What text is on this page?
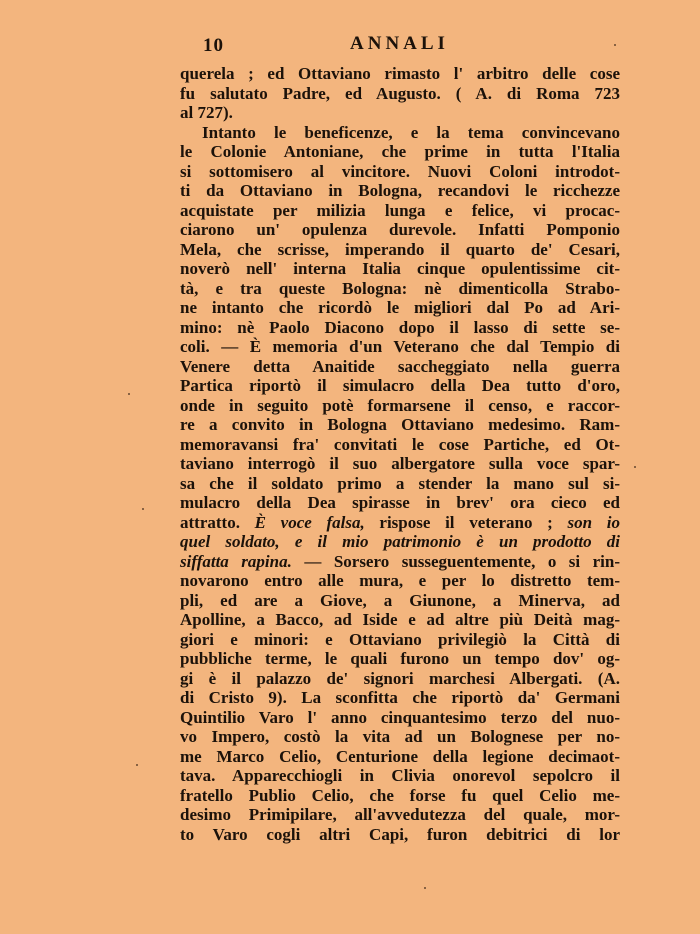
10	ANNALI
querela ; ed Ottaviano rimasto l' arbitro delle cose
fu salutato Padre, ed Augusto. ( A. di Roma 723
al 727).
Intanto le beneficenze, e la tema convincevano
le Colonie Antoniane, che prime in tutta l'Italia
si sottomisero al vincitore. Nuovi Coloni introdot-
ti da Ottaviano in Bologna, recandovi le ricchezze
acquistate per milizia lunga e felice, vi procac-
ciarono un' opulenza durevole. Infatti Pomponio
Mela, che scrisse, imperando il quarto de' Cesari,
noverò nell' interna Italia cinque opulentissime cit-
tà, e tra queste Bologna: nè dimenticolla Strabo-
ne intanto che ricordò le migliori dal Po ad Ari-
mino: nè Paolo Diacono dopo il lasso di sette se-
coli. — È memoria d'un Veterano che dal Tempio di
Venere detta Anaitide saccheggiato nella guerra
Partica riportò il simulacro della Dea tutto d'oro,
onde in seguito potè formarsene il censo, e raccor-
re a convito in Bologna Ottaviano medesimo. Ram-
memoravansi fra' convitati le cose Partiche, ed Ot-
taviano interrogò il suo albergatore sulla voce spar-
sa che il soldato primo a stender la mano sul si-
mulacro della Dea spirasse in brev' ora cieco ed
attratto. È voce falsa, rispose il veterano ; son io
quel soldato, e il mio patrimonio è un prodotto di
siffatta rapina. — Sorsero susseguentemente, o si rin-
novarono entro alle mura, e per lo distretto tem-
pli, ed are a Giove, a Giunone, a Minerva, ad
Apolline, a Bacco, ad Iside e ad altre più Deità mag-
giori e minori: e Ottaviano privilegiò la Città di
pubbliche terme, le quali furono un tempo dov' og-
gi è il palazzo de' signori marchesi Albergati. (A.
di Cristo 9). La sconfitta che riportò da' Germani
Quintilio Varo l' anno cinquantesimo terzo del nuo-
vo Impero, costò la vita ad un Bolognese per no-
me Marco Celio, Centurione della legione decimaot-
tava. Apparecchiogli in Clivia onorevol sepolcro il
fratello Publio Celio, che forse fu quel Celio me-
desimo Primipilare, all'avvedutezza del quale, mor-
to Varo cogli altri Capi, furon debitrici di lor
